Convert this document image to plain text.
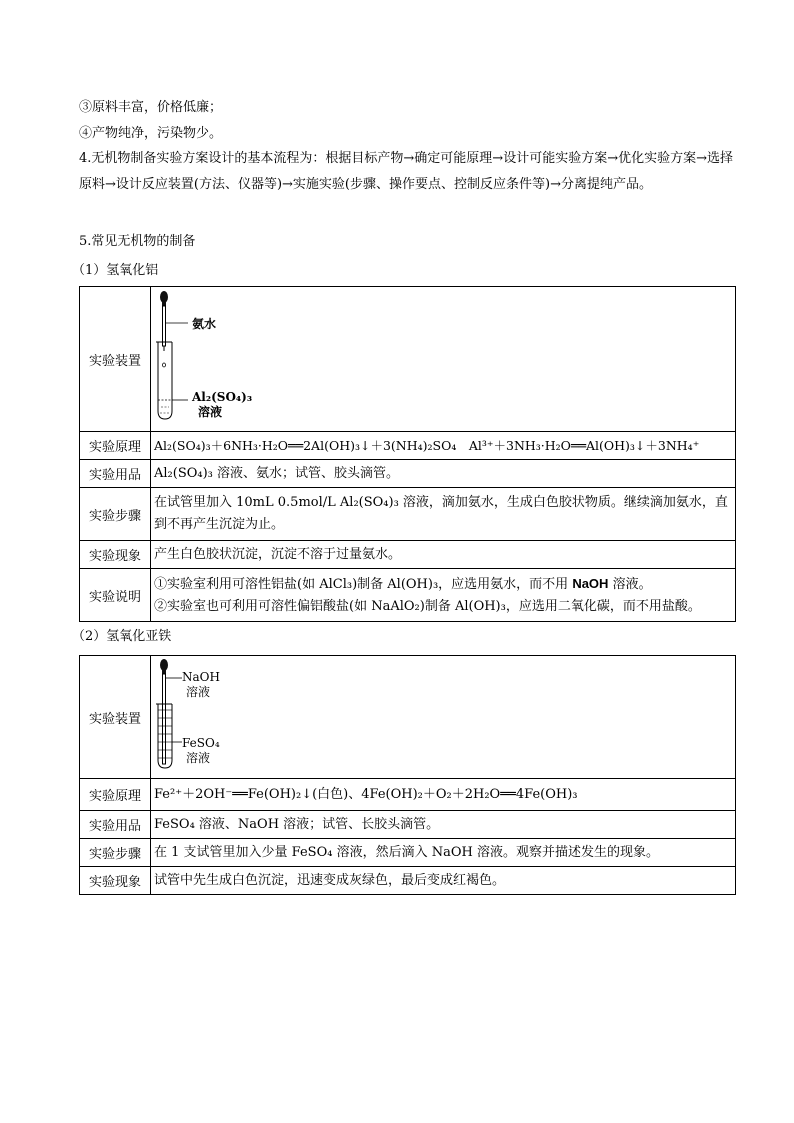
③原料丰富，价格低廉；
④产物纯净，污染物少。
4.无机物制备实验方案设计的基本流程为：根据目标产物→确定可能原理→设计可能实验方案→优化实验方案→选择原料→设计反应装置(方法、仪器等)→实施实验(步骤、操作要点、控制反应条件等)→分离提纯产品。
5.常见无机物的制备
（1）氢氧化铝
实验装置	氨水
Al₂(SO₄)₃
溶液

实验原理	Al₂(SO₄)₃＋6NH₃·H₂O══2Al(OH)₃↓＋3(NH₄)₂SO₄　Al³⁺＋3NH₃·H₂O══Al(OH)₃↓＋3NH₄⁺
实验用品	Al₂(SO₄)₃ 溶液、氨水；试管、胶头滴管。
实验步骤	在试管里加入 10mL 0.5mol/L Al₂(SO₄)₃ 溶液，滴加氨水，生成白色胶状物质。继续滴加氨水，直到不再产生沉淀为止。
实验现象	产生白色胶状沉淀，沉淀不溶于过量氨水。
实验说明	①实验室利用可溶性铝盐(如 AlCl₃)制备 Al(OH)₃，应选用氨水，而不用 NaOH 溶液。
②实验室也可利用可溶性偏铝酸盐(如 NaAlO₂)制备 Al(OH)₃，应选用二氧化碳，而不用盐酸。
（2）氢氧化亚铁
实验装置	NaOH
溶液
FeSO₄
溶液

实验原理	Fe²⁺＋2OH⁻══Fe(OH)₂↓(白色)、4Fe(OH)₂＋O₂＋2H₂O══4Fe(OH)₃
实验用品	FeSO₄ 溶液、NaOH 溶液；试管、长胶头滴管。
实验步骤	在 1 支试管里加入少量 FeSO₄ 溶液，然后滴入 NaOH 溶液。观察并描述发生的现象。
实验现象	试管中先生成白色沉淀，迅速变成灰绿色，最后变成红褐色。
